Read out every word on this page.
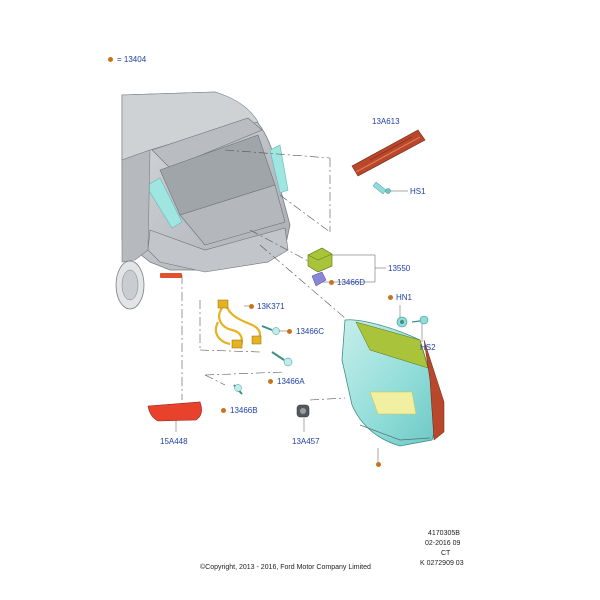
= 13404
13A613
HS1
13550
13466D
HN1
HS2
13K371
13466C
13466A
13466B
15A448	13A457
4170305B
02-2016 09
CT
K 0272909 03
©Copyright, 2013 - 2016, Ford Motor Company Limited
